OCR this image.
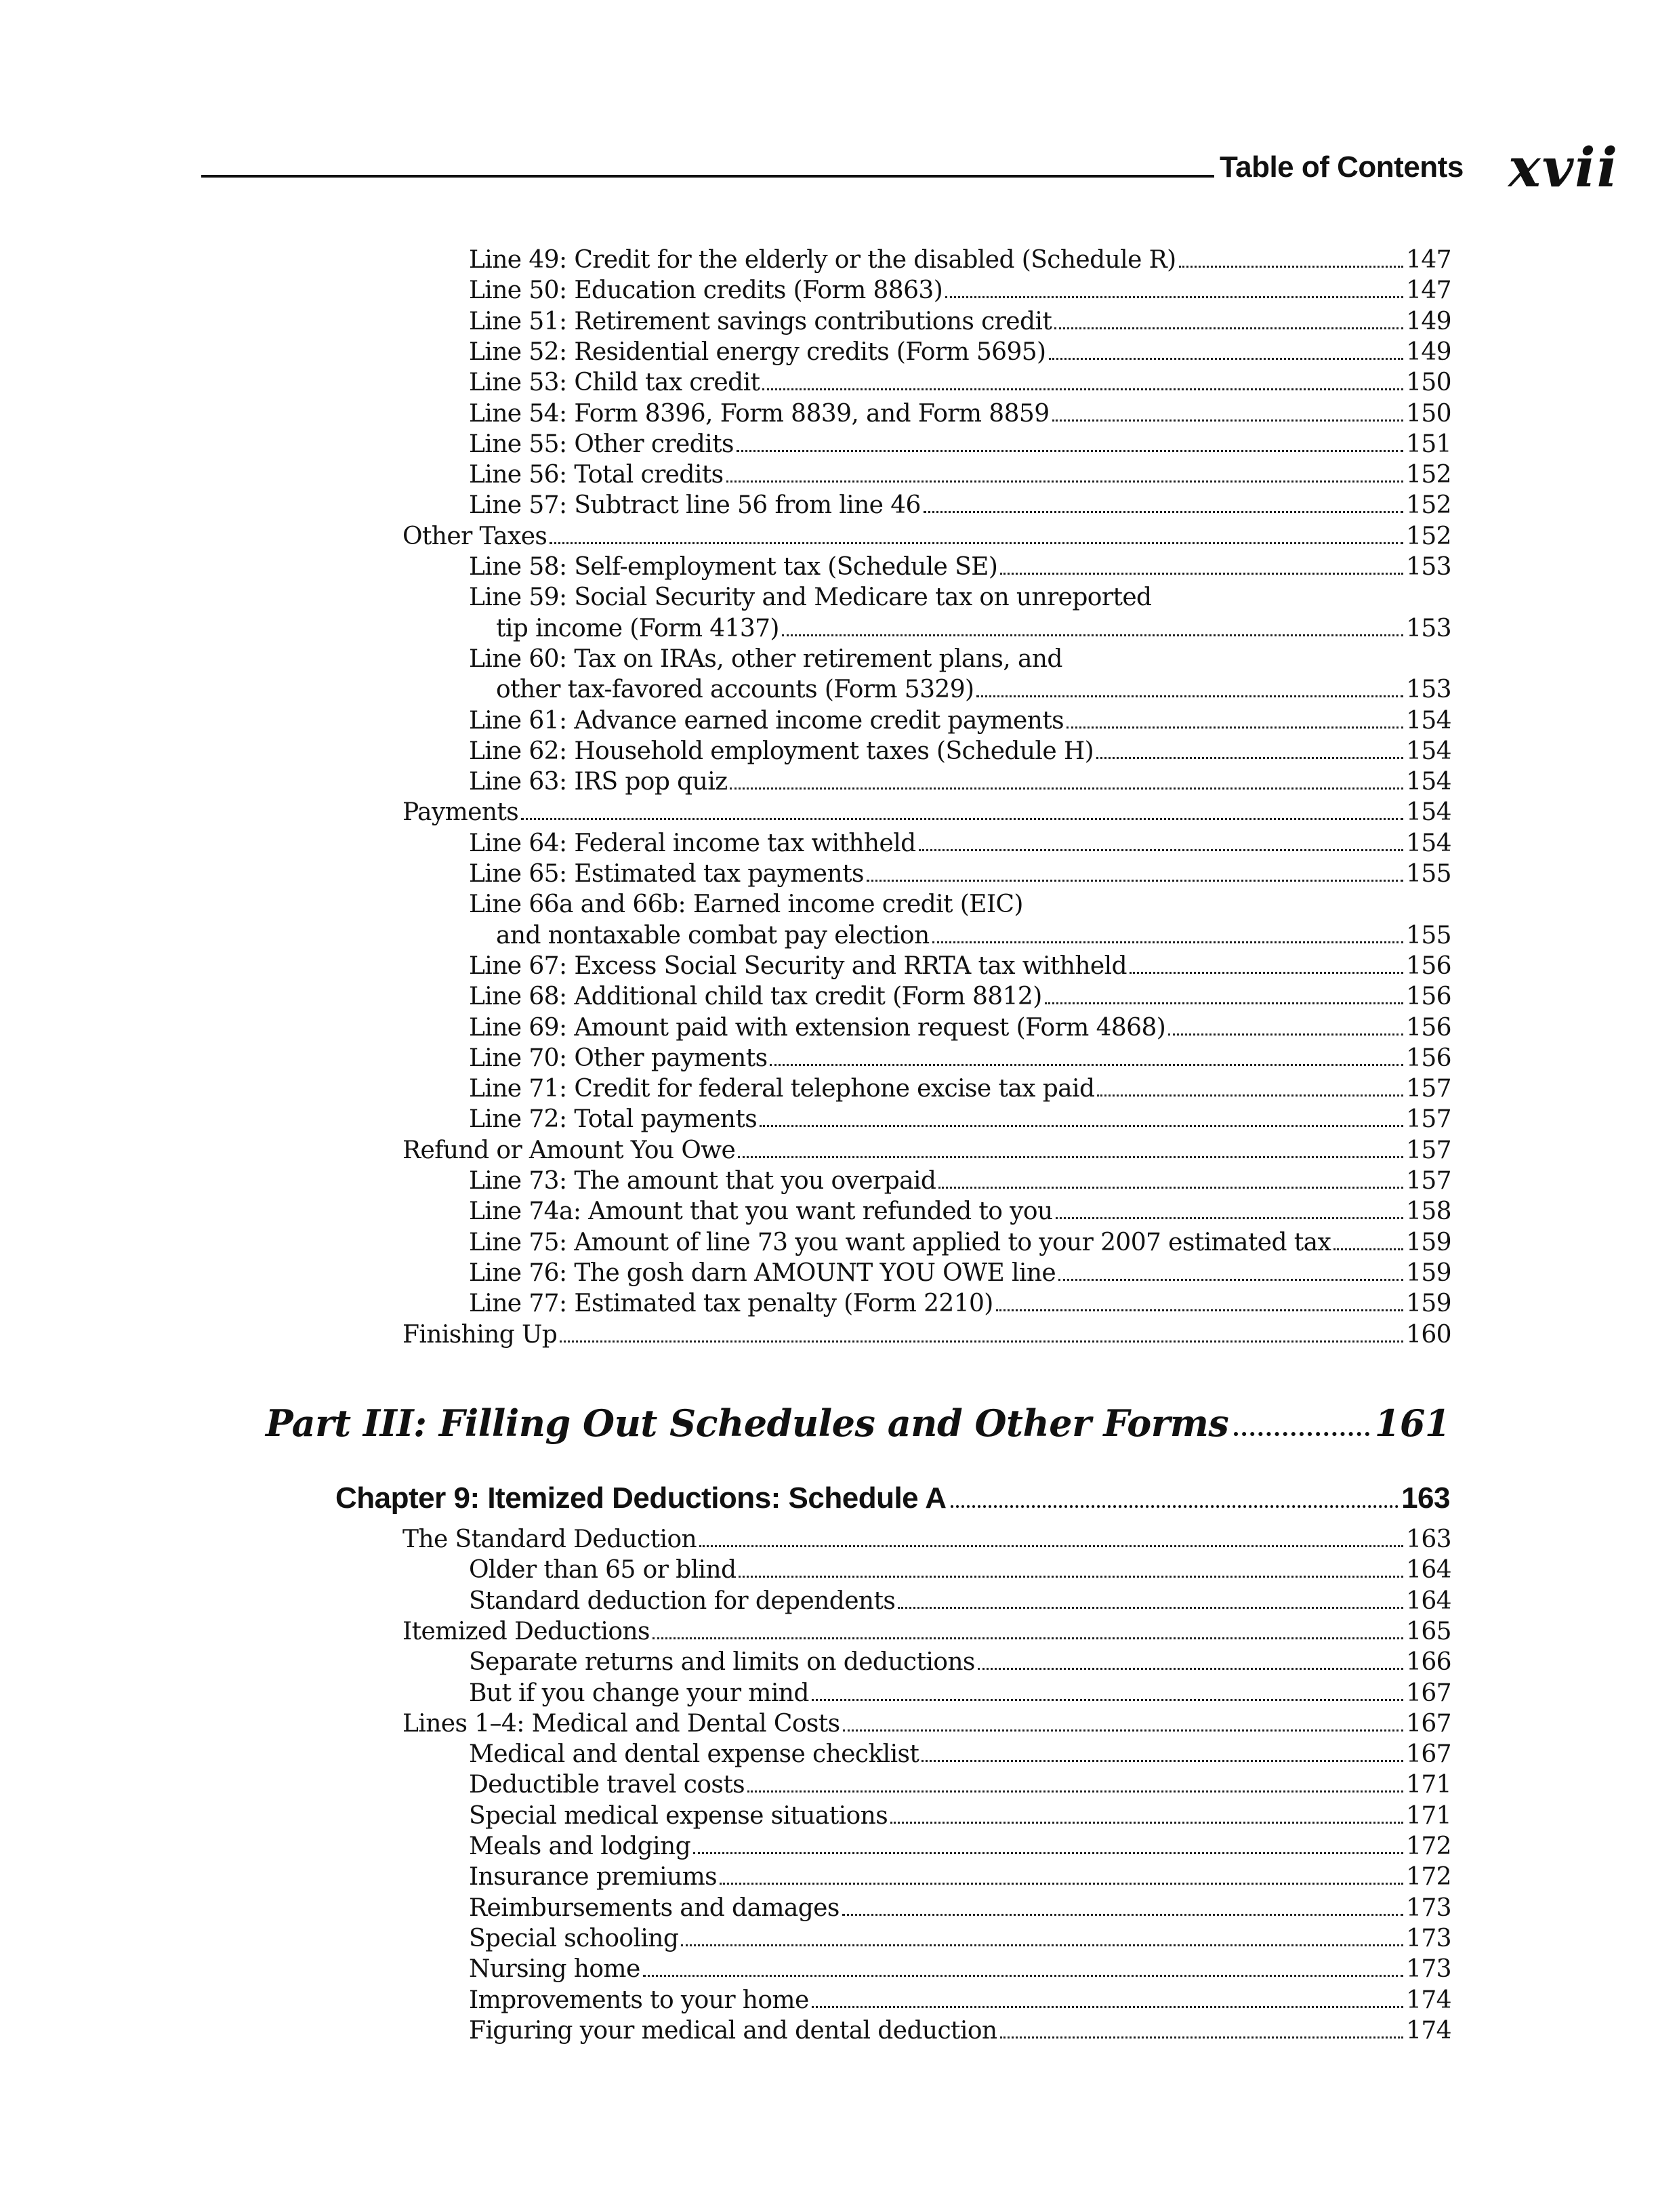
Table of Contents xvii
Line 49: Credit for the elderly or the disabled (Schedule R)	147
Line 50: Education credits (Form 8863)	147
Line 51: Retirement savings contributions credit	149
Line 52: Residential energy credits (Form 5695)	149
Line 53: Child tax credit	150
Line 54: Form 8396, Form 8839, and Form 8859	150
Line 55: Other credits	151
Line 56: Total credits	152
Line 57: Subtract line 56 from line 46	152
Other Taxes	152
Line 58: Self-employment tax (Schedule SE)	153
Line 59: Social Security and Medicare tax on unreported
tip income (Form 4137)	153
Line 60: Tax on IRAs, other retirement plans, and
other tax-favored accounts (Form 5329)	153
Line 61: Advance earned income credit payments	154
Line 62: Household employment taxes (Schedule H)	154
Line 63: IRS pop quiz	154
Payments	154
Line 64: Federal income tax withheld	154
Line 65: Estimated tax payments	155
Line 66a and 66b: Earned income credit (EIC)
and nontaxable combat pay election	155
Line 67: Excess Social Security and RRTA tax withheld	156
Line 68: Additional child tax credit (Form 8812)	156
Line 69: Amount paid with extension request (Form 4868)	156
Line 70: Other payments	156
Line 71: Credit for federal telephone excise tax paid	157
Line 72: Total payments	157
Refund or Amount You Owe	157
Line 73: The amount that you overpaid	157
Line 74a: Amount that you want refunded to you	158
Line 75: Amount of line 73 you want applied to your 2007 estimated tax	159
Line 76: The gosh darn AMOUNT YOU OWE line	159
Line 77: Estimated tax penalty (Form 2210)	159
Finishing Up	160
Part III: Filling Out Schedules and Other Forms	161
Chapter 9: Itemized Deductions: Schedule A	163
The Standard Deduction	163
Older than 65 or blind	164
Standard deduction for dependents	164
Itemized Deductions	165
Separate returns and limits on deductions	166
But if you change your mind	167
Lines 1–4: Medical and Dental Costs	167
Medical and dental expense checklist	167
Deductible travel costs	171
Special medical expense situations	171
Meals and lodging	172
Insurance premiums	172
Reimbursements and damages	173
Special schooling	173
Nursing home	173
Improvements to your home	174
Figuring your medical and dental deduction	174
